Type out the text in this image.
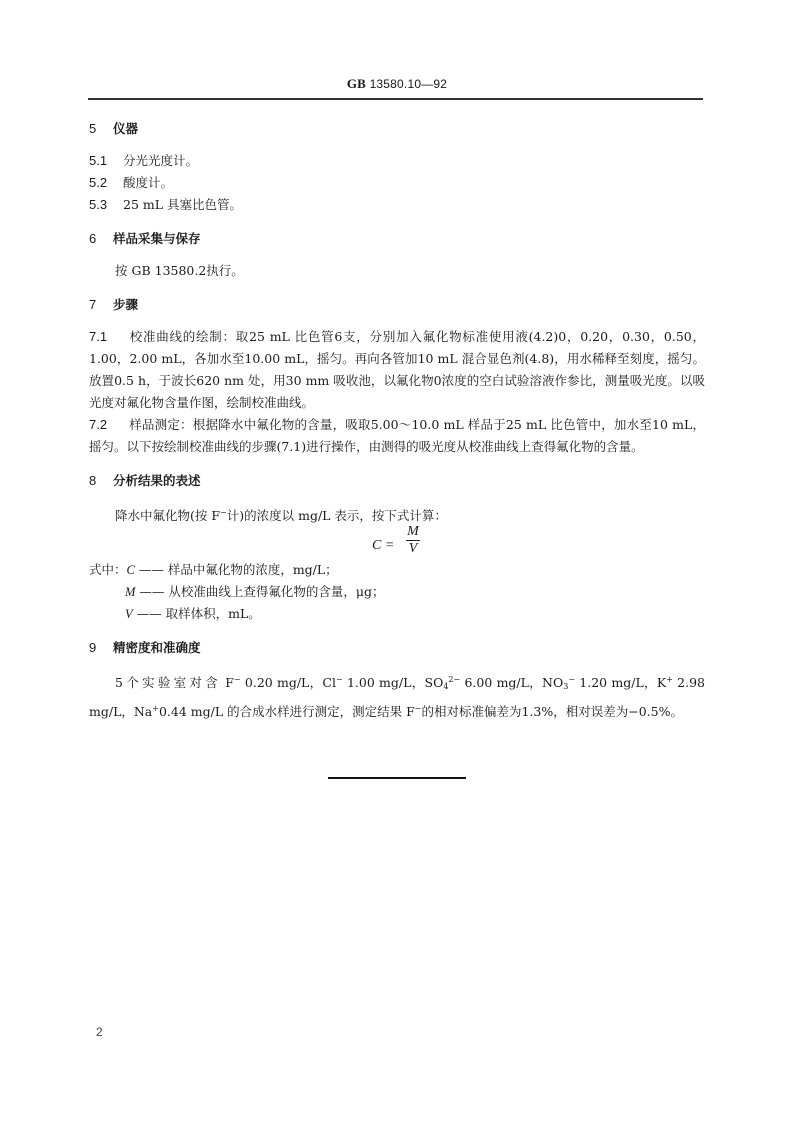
GB 13580.10—92
5 仪器

5.1 分光光度计。

5.2 酸度计。

5.3 25 mL 具塞比色管。

6 样品采集与保存

按 GB 13580.2执行。

7 步骤

7.1 校准曲线的绘制：取25 mL 比色管6支，分别加入氟化物标准使用液(4.2)0，0.20，0.30，0.50，1.00，2.00 mL，各加水至10.00 mL，摇匀。再向各管加10 mL 混合显色剂(4.8)，用水稀释至刻度，摇匀。放置0.5 h，于波长620 nm 处，用30 mm 吸收池，以氟化物0浓度的空白试验溶液作参比，测量吸光度。以吸光度对氟化物含量作图，绘制校准曲线。

7.2 样品测定：根据降水中氟化物的含量，吸取5.00～10.0 mL 样品于25 mL 比色管中，加水至10 mL，摇匀。以下按绘制校准曲线的步骤(7.1)进行操作，由测得的吸光度从校准曲线上查得氟化物的含量。

8 分析结果的表述

降水中氟化物(按 F−计)的浓度以 mg/L 表示，按下式计算：

C =
M
V

式中：C —— 样品中氟化物的浓度，mg/L；

M —— 从校准曲线上查得氟化物的含量，μg；

V —— 取样体积，mL。

9 精密度和准确度

5个实验室对含 F− 0.20 mg/L，Cl− 1.00 mg/L，$SO_4^{2-}$ 6.00 mg/L，$NO_3^-$ 1.20 mg/L，K+ 2.98 mg/L，Na+0.44 mg/L 的合成水样进行测定，测定结果 F−的相对标准偏差为1.3%，相对误差为−0.5%。

2
